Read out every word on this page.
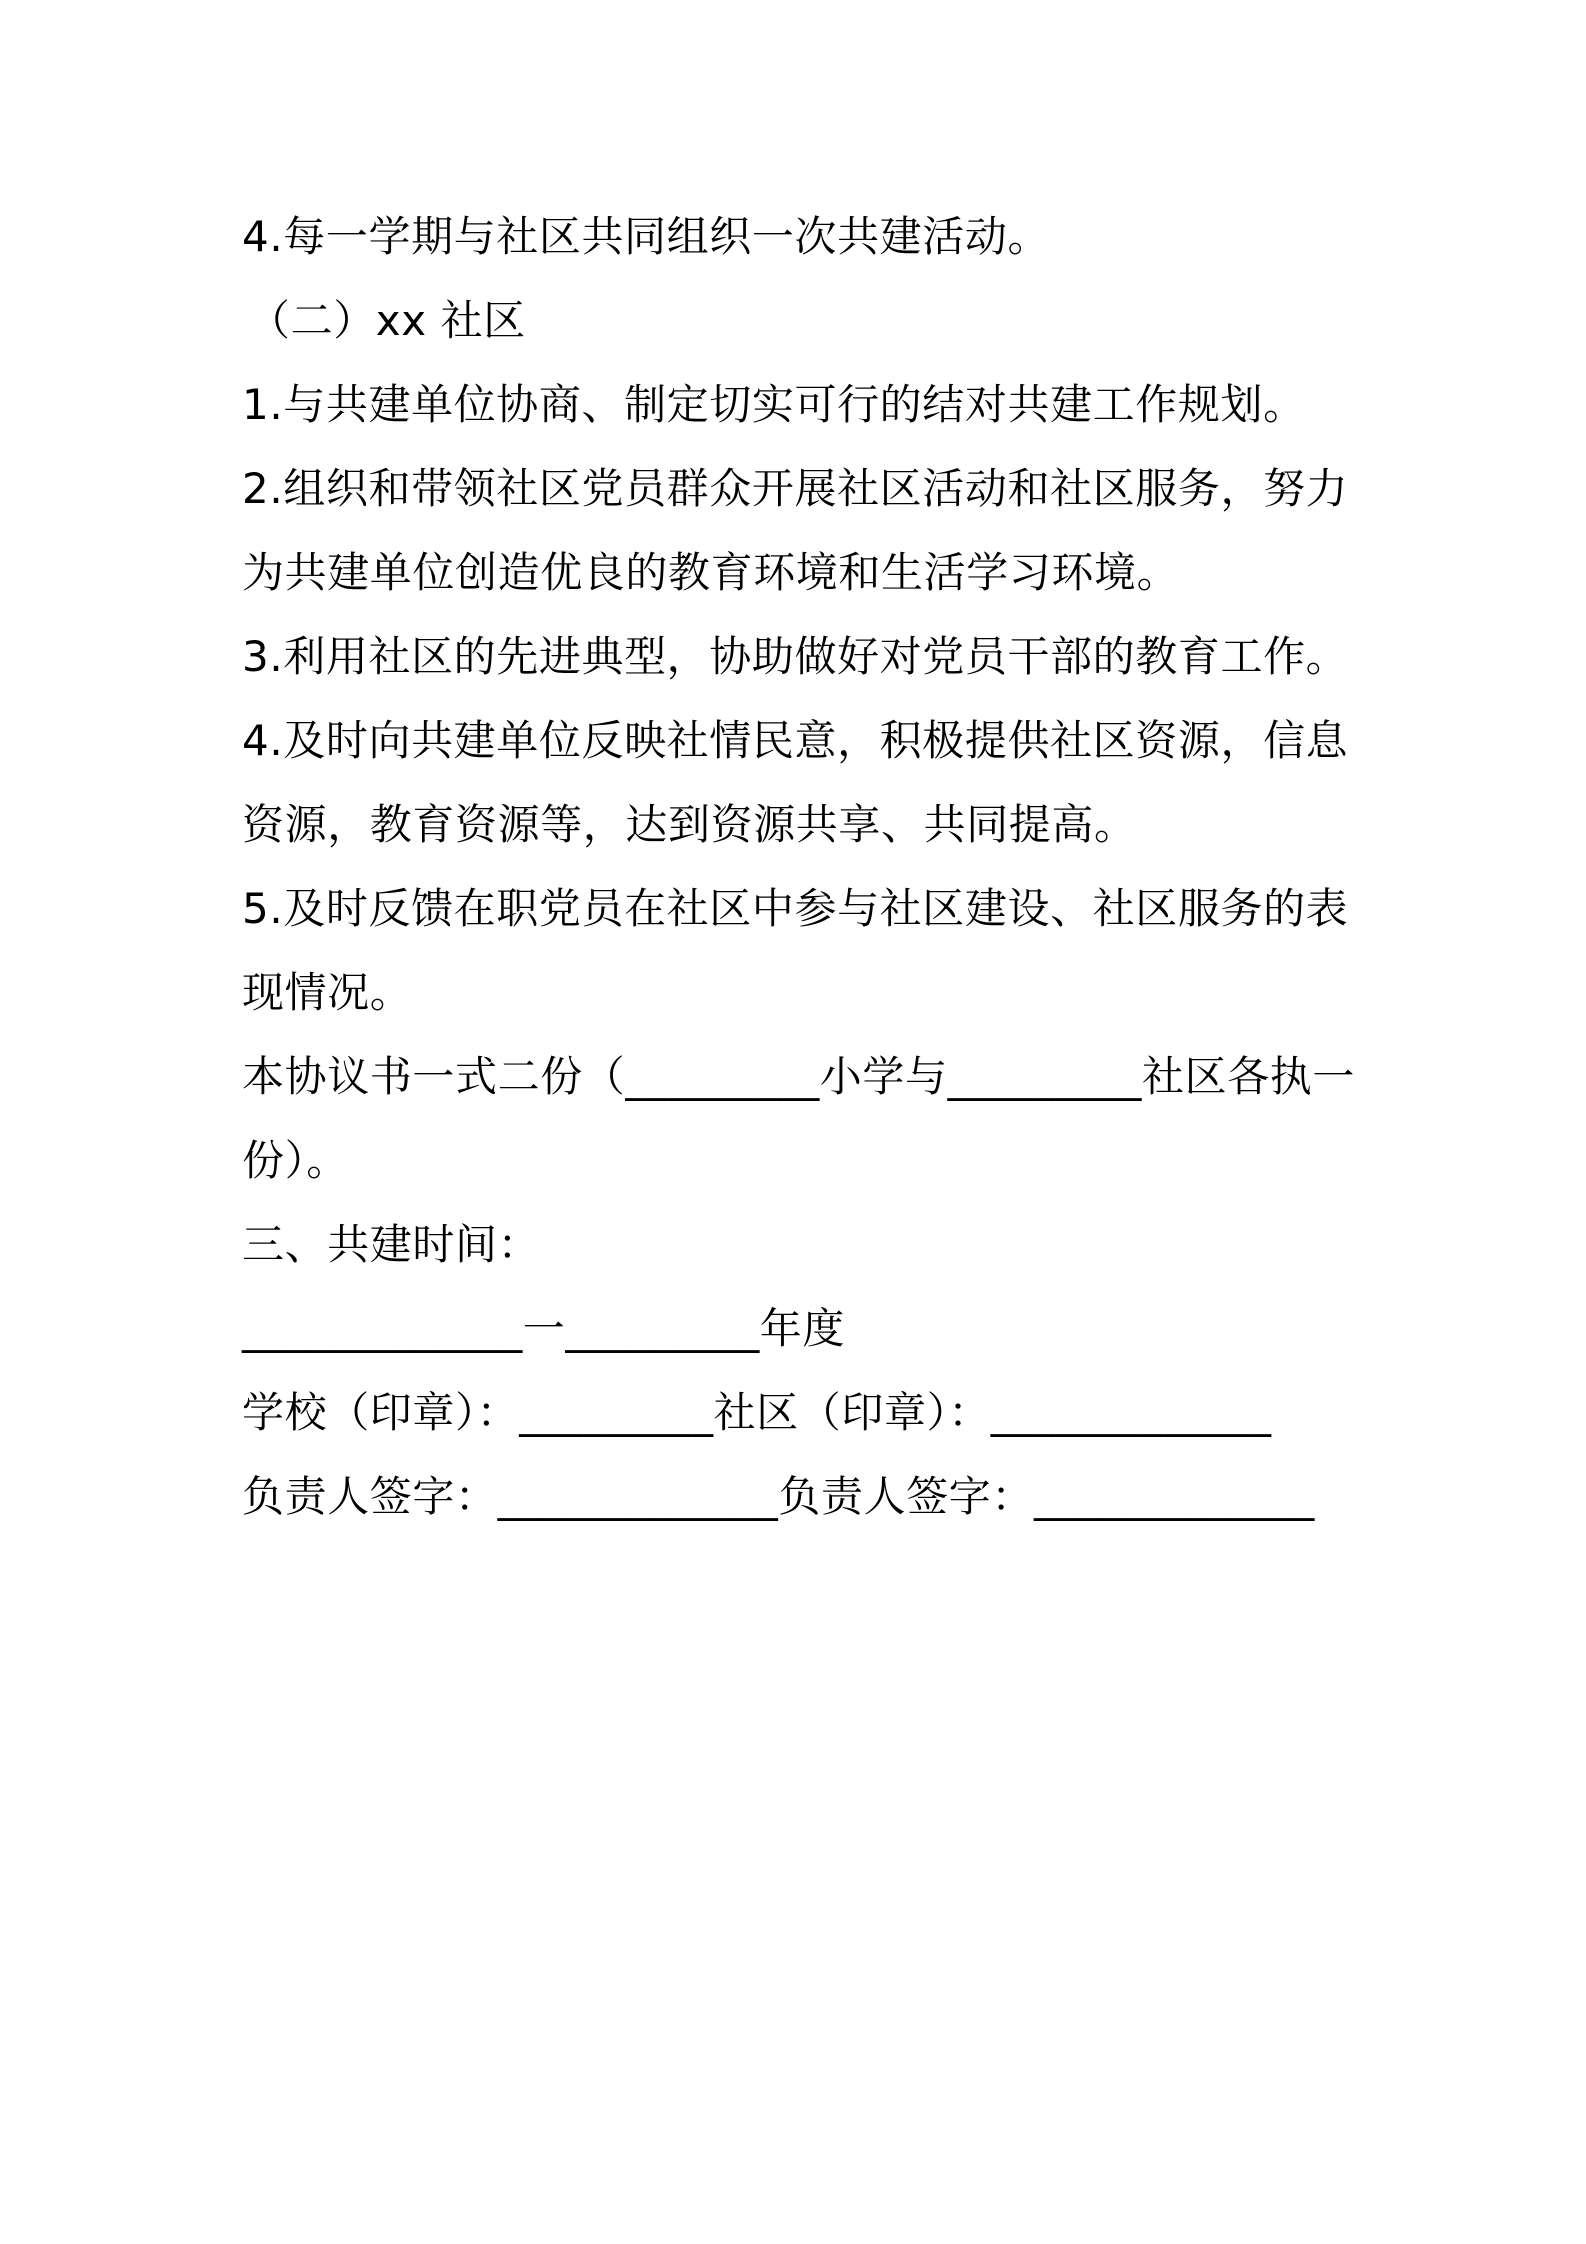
4.每一学期与社区共同组织一次共建活动。

（二）xx 社区

1.与共建单位协商、制定切实可行的结对共建工作规划。

2.组织和带领社区党员群众开展社区活动和社区服务，努力

为共建单位创造优良的教育环境和生活学习环境。

3.利用社区的先进典型，协助做好对党员干部的教育工作。

4.及时向共建单位反映社情民意，积极提供社区资源，信息

资源，教育资源等，达到资源共享、共同提高。

5.及时反馈在职党员在社区中参与社区建设、社区服务的表

现情况。

本协议书一式二份（_________小学与_________社区各执一

份）。

三、共建时间：

_____________一_________年度

学校（印章）：_________社区（印章）：_____________

负责人签字：_____________负责人签字：_____________
